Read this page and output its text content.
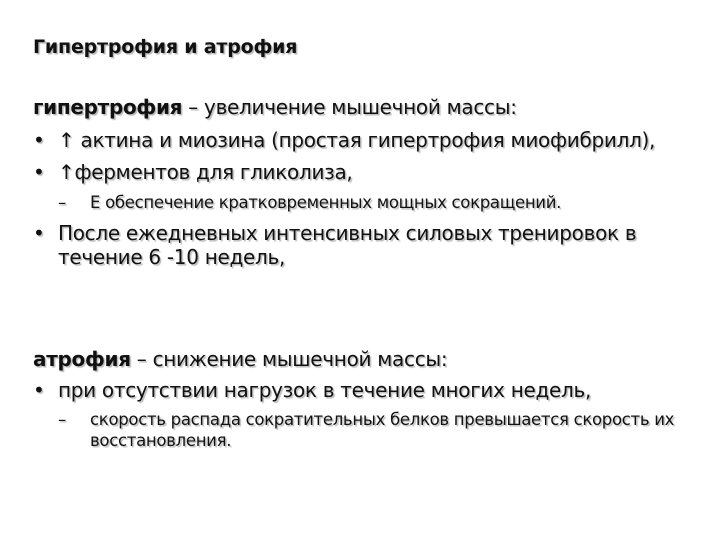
Гипертрофия и атрофия
гипертрофия – увеличение мышечной массы:
• ↑ актина и миозина (простая гипертрофия миофибрилл),
• ↑ферментов для гликолиза,
– E обеспечение кратковременных мощных сокращений.
• После ежедневных интенсивных силовых тренировок в течение 6 -10 недель,
атрофия – снижение мышечной массы:
• при отсутствии нагрузок в течение многих недель,
– скорость распада сократительных белков превышается скорость их восстановления.
